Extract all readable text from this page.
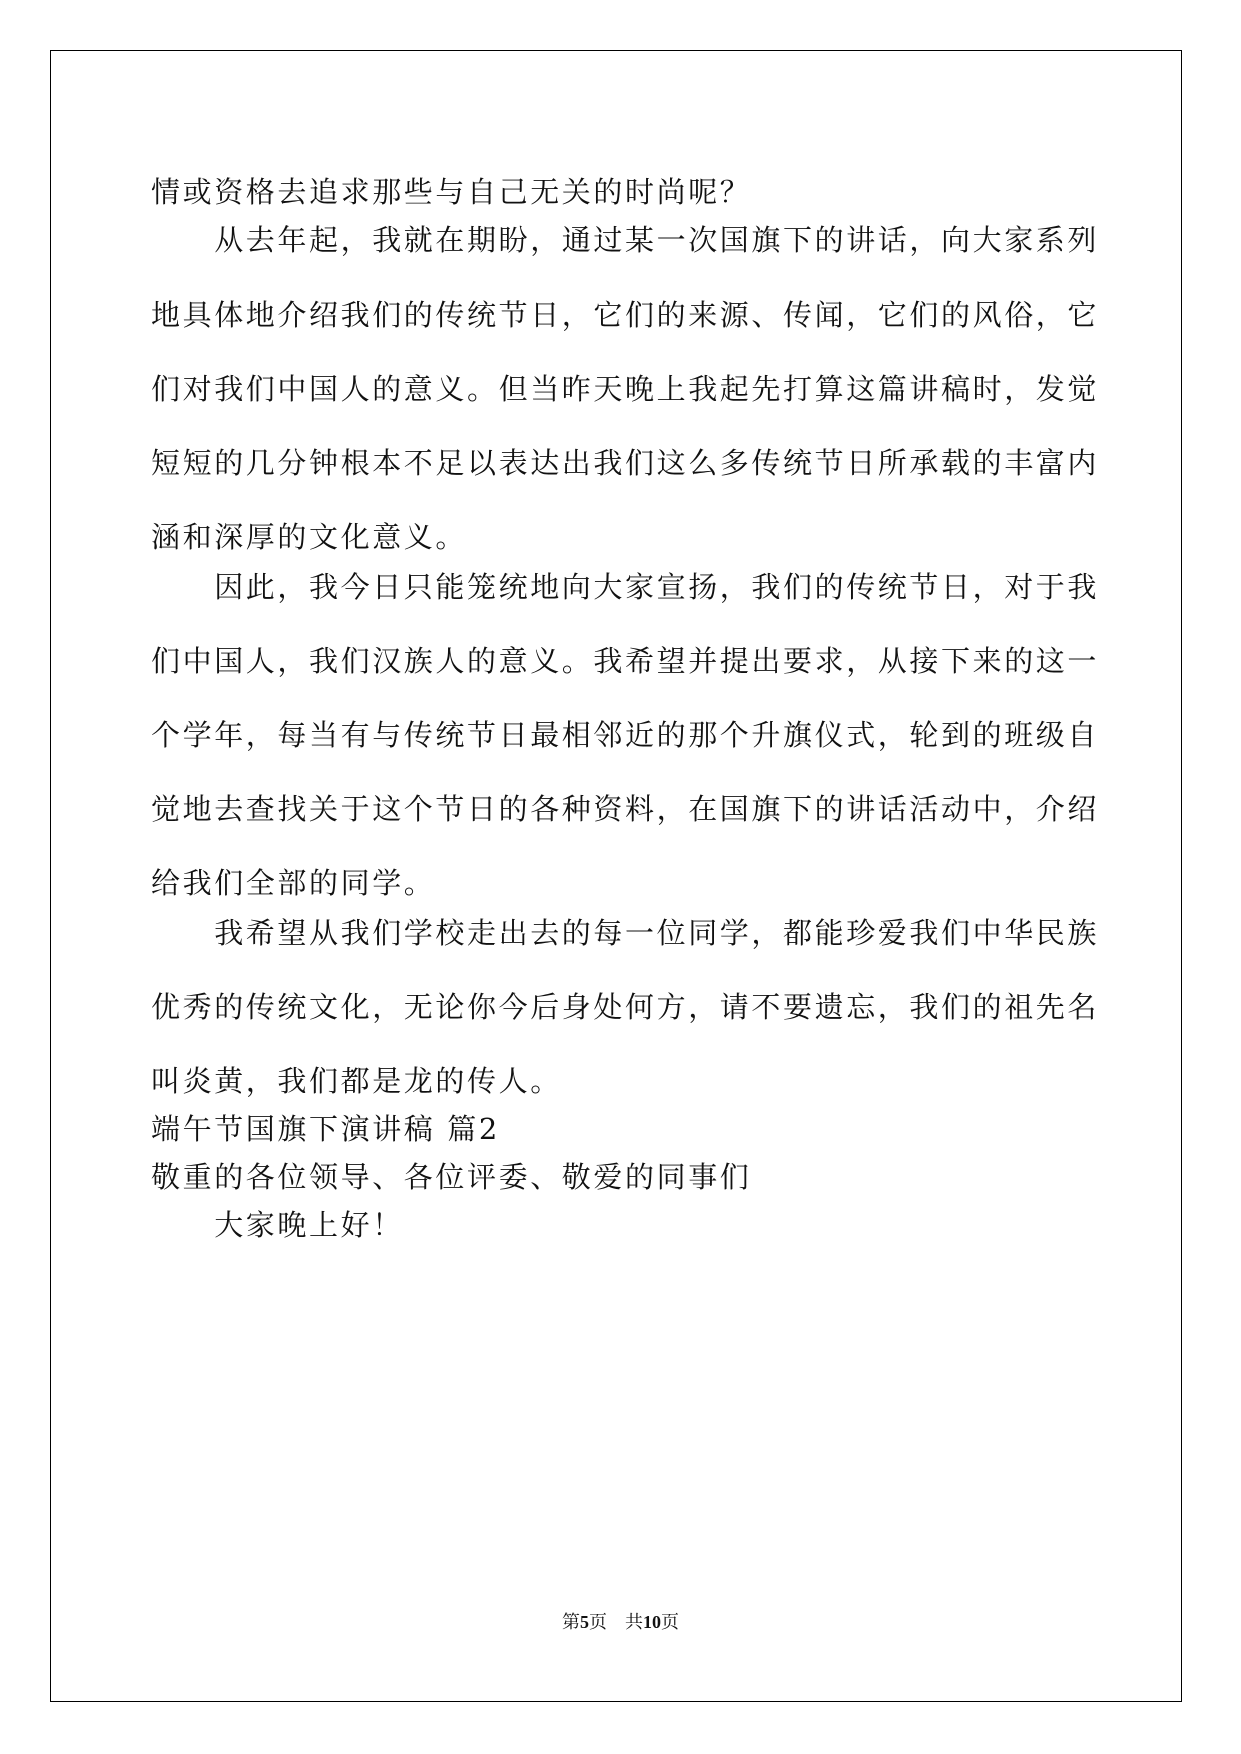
情或资格去追求那些与自己无关的时尚呢？
　　从去年起，我就在期盼，通过某一次国旗下的讲话，向大家系列
地具体地介绍我们的传统节日，它们的来源、传闻，它们的风俗，它
们对我们中国人的意义。但当昨天晚上我起先打算这篇讲稿时，发觉
短短的几分钟根本不足以表达出我们这么多传统节日所承载的丰富内
涵和深厚的文化意义。
　　因此，我今日只能笼统地向大家宣扬，我们的传统节日，对于我
们中国人，我们汉族人的意义。我希望并提出要求，从接下来的这一
个学年，每当有与传统节日最相邻近的那个升旗仪式，轮到的班级自
觉地去查找关于这个节日的各种资料，在国旗下的讲话活动中，介绍
给我们全部的同学。
　　我希望从我们学校走出去的每一位同学，都能珍爱我们中华民族
优秀的传统文化，无论你今后身处何方，请不要遗忘，我们的祖先名
叫炎黄，我们都是龙的传人。
端午节国旗下演讲稿 篇2
敬重的各位领导、各位评委、敬爱的同事们
　　大家晚上好！
第5页　共10页
